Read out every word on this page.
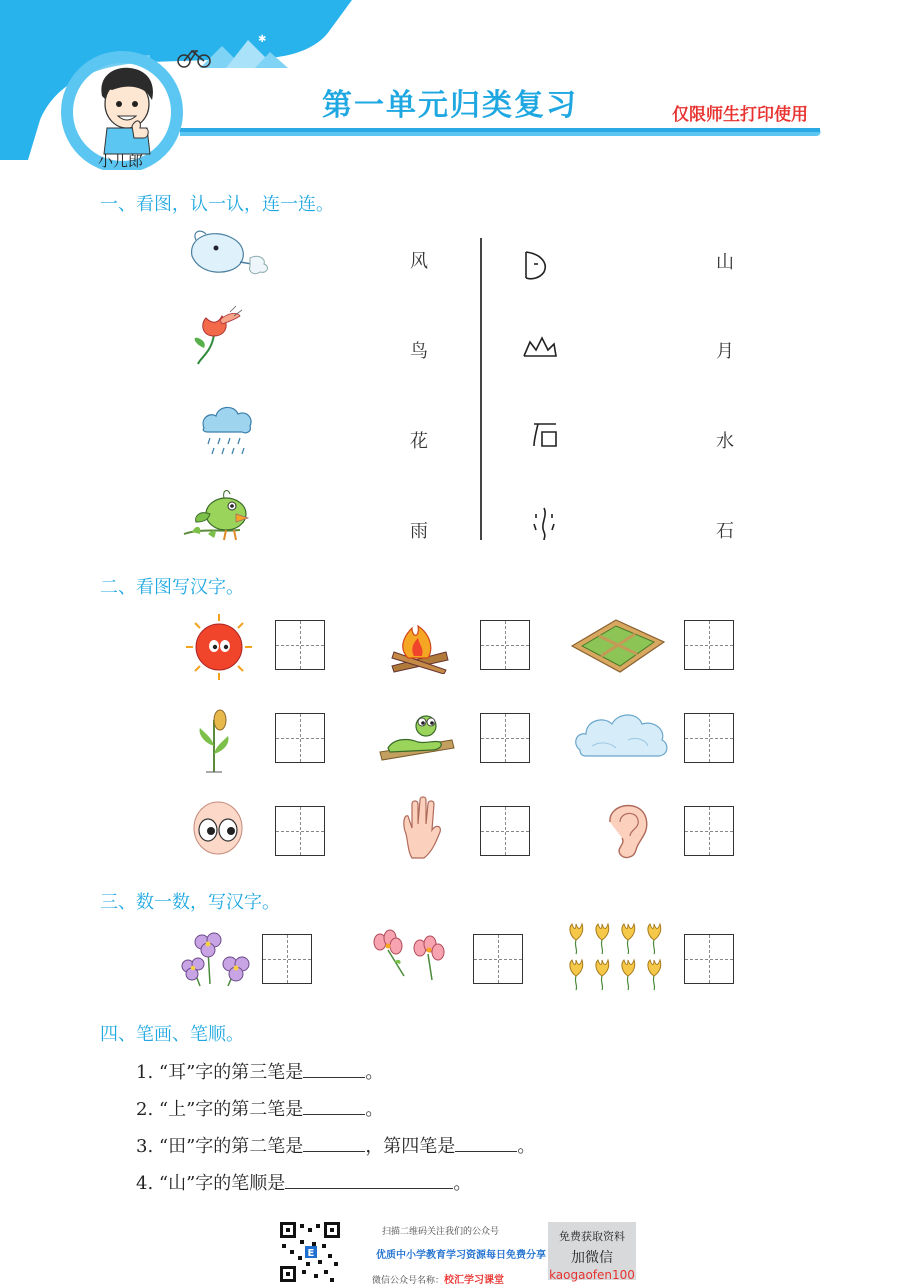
✱
第一单元归类复习	仅限师生打印使用
小儿郎
一、看图，认一认，连一连。
风
鸟
花
雨
山
月
水
石
二、看图写汉字。
三、数一数，写汉字。
四、笔画、笔顺。
1. “耳”字的第三笔是	。
2. “上”字的第二笔是	。
3. “田”字的第二笔是	，第四笔是	。
4. “山”字的笔顺是	。
E
扫描二维码关注我们的公众号
优质中小学教育学习资源每日免费分享
微信公众号名称：校汇学习课堂
免费获取资料
加微信
kaogaofen100
